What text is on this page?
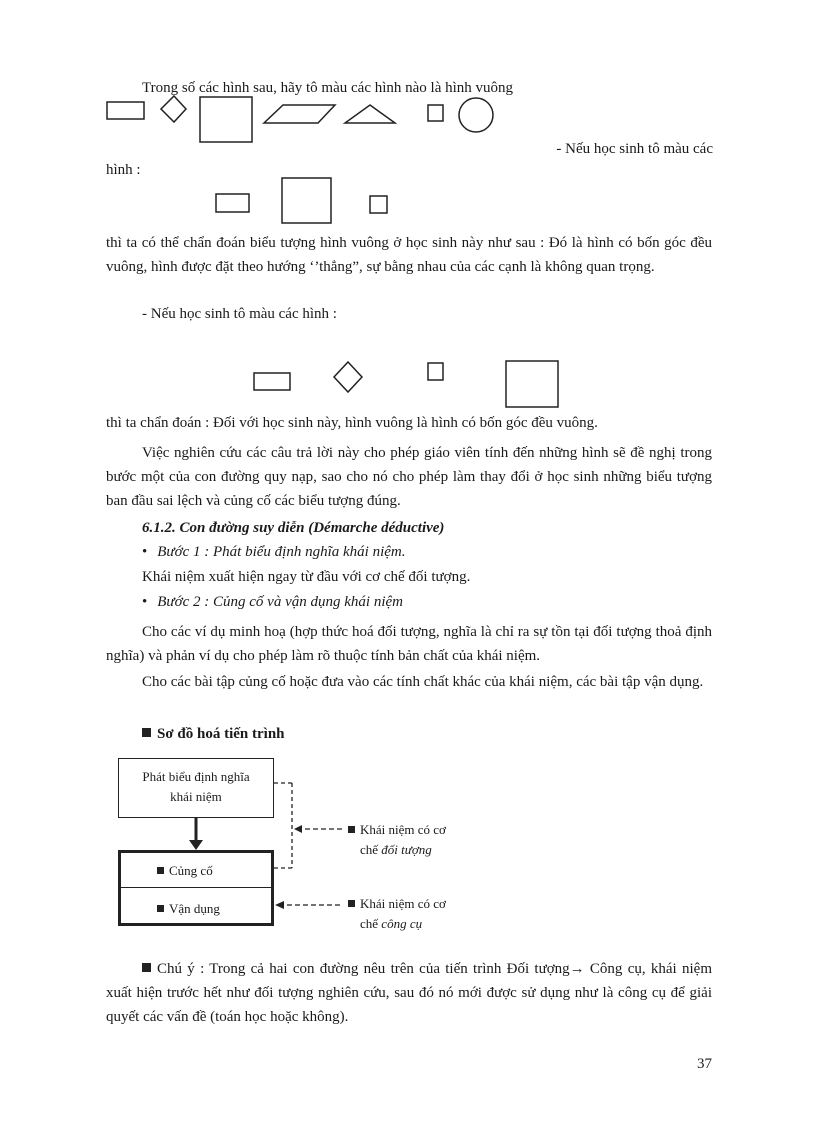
Trong số các hình sau, hãy tô màu các hình nào là hình vuông
- Nếu học sinh tô màu các
hình :
thì ta có thể chẩn đoán biểu tượng hình vuông ở học sinh này như sau : Đó là hình có bốn góc đều vuông, hình được đặt theo hướng ‘’thẳng”, sự bằng nhau của các cạnh là không quan trọng.
- Nếu học sinh tô màu các hình :
thì ta chẩn đoán : Đối với học sinh này, hình vuông là hình có bốn góc đều vuông.
Việc nghiên cứu các câu trả lời này cho phép giáo viên tính đến những hình sẽ đề nghị trong bước một của con đường quy nạp, sao cho nó cho phép làm thay đổi ở học sinh những biểu tượng ban đầu sai lệch và củng cố các biểu tượng đúng.
6.1.2. Con đường suy diễn (Démarche déductive)
• Bước 1 : Phát biểu định nghĩa khái niệm.
Khái niệm xuất hiện ngay từ đầu với cơ chế đối tượng.
• Bước 2 : Củng cố và vận dụng khái niệm
Cho các ví dụ minh hoạ (hợp thức hoá đối tượng, nghĩa là chỉ ra sự tồn tại đối tượng thoả định nghĩa) và phản ví dụ cho phép làm rõ thuộc tính bản chất của khái niệm.
Cho các bài tập củng cố hoặc đưa vào các tính chất khác của khái niệm, các bài tập vận dụng.
Sơ đồ hoá tiến trình
Phát biểu định nghĩa
khái niệm
Củng cố
Vận dụng
Khái niệm có cơ
chế đối tượng
Khái niệm có cơ
chế công cụ
Chú ý : Trong cả hai con đường nêu trên của tiến trình Đối tượng→ Công cụ, khái niệm xuất hiện trước hết như đối tượng nghiên cứu, sau đó nó mới được sử dụng như là công cụ để giải quyết các vấn đề (toán học hoặc không).
37
